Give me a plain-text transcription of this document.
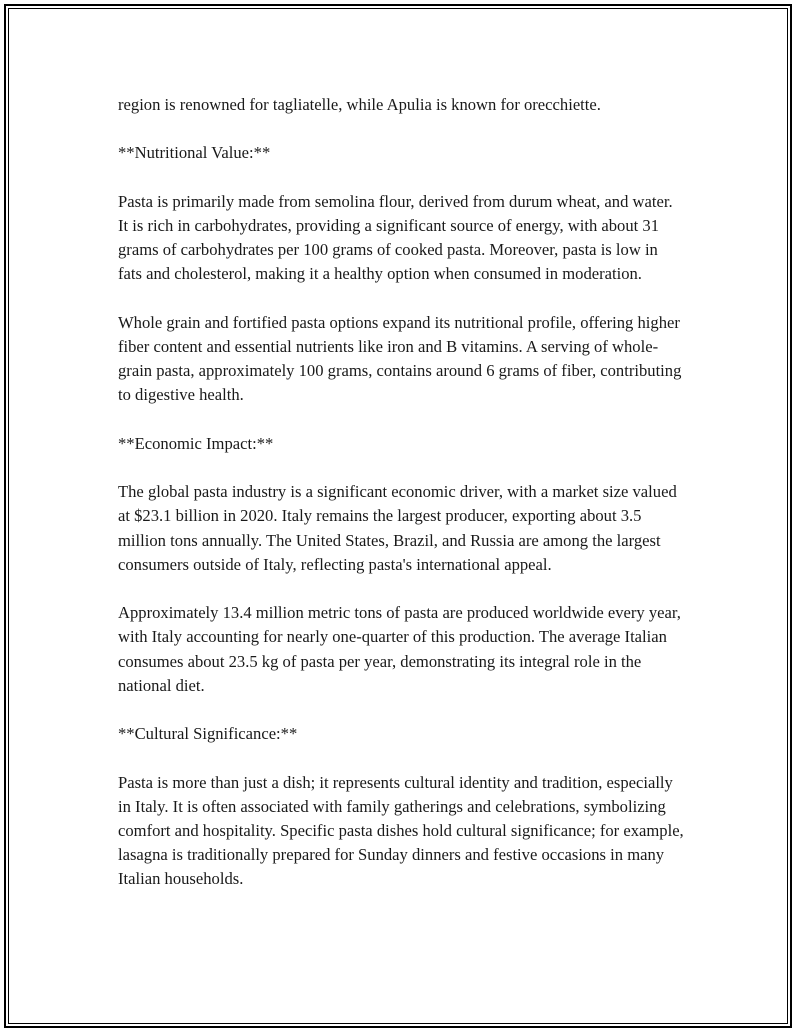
region is renowned for tagliatelle, while Apulia is known for orecchiette.

**Nutritional Value:**

Pasta is primarily made from semolina flour, derived from durum wheat, and water. It is rich in carbohydrates, providing a significant source of energy, with about 31 grams of carbohydrates per 100 grams of cooked pasta. Moreover, pasta is low in fats and cholesterol, making it a healthy option when consumed in moderation.

Whole grain and fortified pasta options expand its nutritional profile, offering higher fiber content and essential nutrients like iron and B vitamins. A serving of whole-grain pasta, approximately 100 grams, contains around 6 grams of fiber, contributing to digestive health.

**Economic Impact:**

The global pasta industry is a significant economic driver, with a market size valued at $23.1 billion in 2020. Italy remains the largest producer, exporting about 3.5 million tons annually. The United States, Brazil, and Russia are among the largest consumers outside of Italy, reflecting pasta's international appeal.

Approximately 13.4 million metric tons of pasta are produced worldwide every year, with Italy accounting for nearly one-quarter of this production. The average Italian consumes about 23.5 kg of pasta per year, demonstrating its integral role in the national diet.

**Cultural Significance:**

Pasta is more than just a dish; it represents cultural identity and tradition, especially in Italy. It is often associated with family gatherings and celebrations, symbolizing comfort and hospitality. Specific pasta dishes hold cultural significance; for example, lasagna is traditionally prepared for Sunday dinners and festive occasions in many Italian households.
